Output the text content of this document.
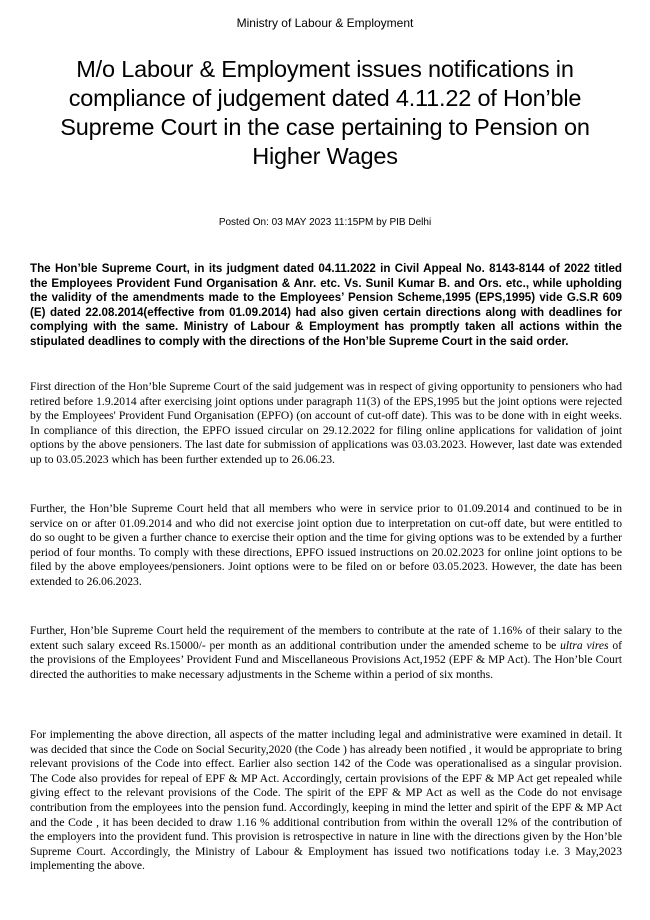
Ministry of Labour & Employment
M/o Labour & Employment issues notifications in compliance of judgement dated 4.11.22 of Hon’ble Supreme Court in the case pertaining to Pension on Higher Wages
Posted On: 03 MAY 2023 11:15PM by PIB Delhi

The Hon’ble Supreme Court, in its judgment dated 04.11.2022 in Civil Appeal No. 8143-8144 of 2022 titled the Employees Provident Fund Organisation & Anr. etc. Vs. Sunil Kumar B. and Ors. etc., while upholding the validity of the amendments made to the Employees’ Pension Scheme,1995 (EPS,1995) vide G.S.R 609 (E) dated 22.08.2014(effective from 01.09.2014) had also given certain directions along with deadlines for complying with the same. Ministry of Labour & Employment has promptly taken all actions within the stipulated deadlines to comply with the directions of the Hon’ble Supreme Court in the said order.

First direction of the Hon’ble Supreme Court of the said judgement was in respect of giving opportunity to pensioners who had retired before 1.9.2014 after exercising joint options under paragraph 11(3) of the EPS,1995 but the joint options were rejected by the Employees' Provident Fund Organisation (EPFO) (on account of cut-off date). This was to be done with in eight weeks. In compliance of this direction, the EPFO issued circular on 29.12.2022 for filing online applications for validation of joint options by the above pensioners. The last date for submission of applications was 03.03.2023. However, last date was extended up to 03.05.2023 which has been further extended up to 26.06.23.

Further, the Hon’ble Supreme Court held that all members who were in service prior to 01.09.2014 and continued to be in service on or after 01.09.2014 and who did not exercise joint option due to interpretation on cut-off date, but were entitled to do so ought to be given a further chance to exercise their option and the time for giving options was to be extended by a further period of four months. To comply with these directions, EPFO issued instructions on 20.02.2023 for online joint options to be filed by the above employees/pensioners. Joint options were to be filed on or before 03.05.2023. However, the date has been extended to 26.06.2023.

Further, Hon’ble Supreme Court held the requirement of the members to contribute at the rate of 1.16% of their salary to the extent such salary exceed Rs.15000/- per month as an additional contribution under the amended scheme to be ultra vires of the provisions of the Employees’ Provident Fund and Miscellaneous Provisions Act,1952 (EPF & MP Act). The Hon’ble Court directed the authorities to make necessary adjustments in the Scheme within a period of six months.

For implementing the above direction, all aspects of the matter including legal and administrative were examined in detail. It was decided that since the Code on Social Security,2020 (the Code ) has already been notified , it would be appropriate to bring relevant provisions of the Code into effect. Earlier also section 142 of the Code was operationalised as a singular provision. The Code also provides for repeal of EPF & MP Act. Accordingly, certain provisions of the EPF & MP Act get repealed while giving effect to the relevant provisions of the Code. The spirit of the EPF & MP Act as well as the Code do not envisage contribution from the employees into the pension fund. Accordingly, keeping in mind the letter and spirit of the EPF & MP Act and the Code , it has been decided to draw 1.16 % additional contribution from within the overall 12% of the contribution of the employers into the provident fund. This provision is retrospective in nature in line with the directions given by the Hon’ble Supreme Court. Accordingly, the Ministry of Labour & Employment has issued two notifications today i.e. 3 May,2023 implementing the above.
